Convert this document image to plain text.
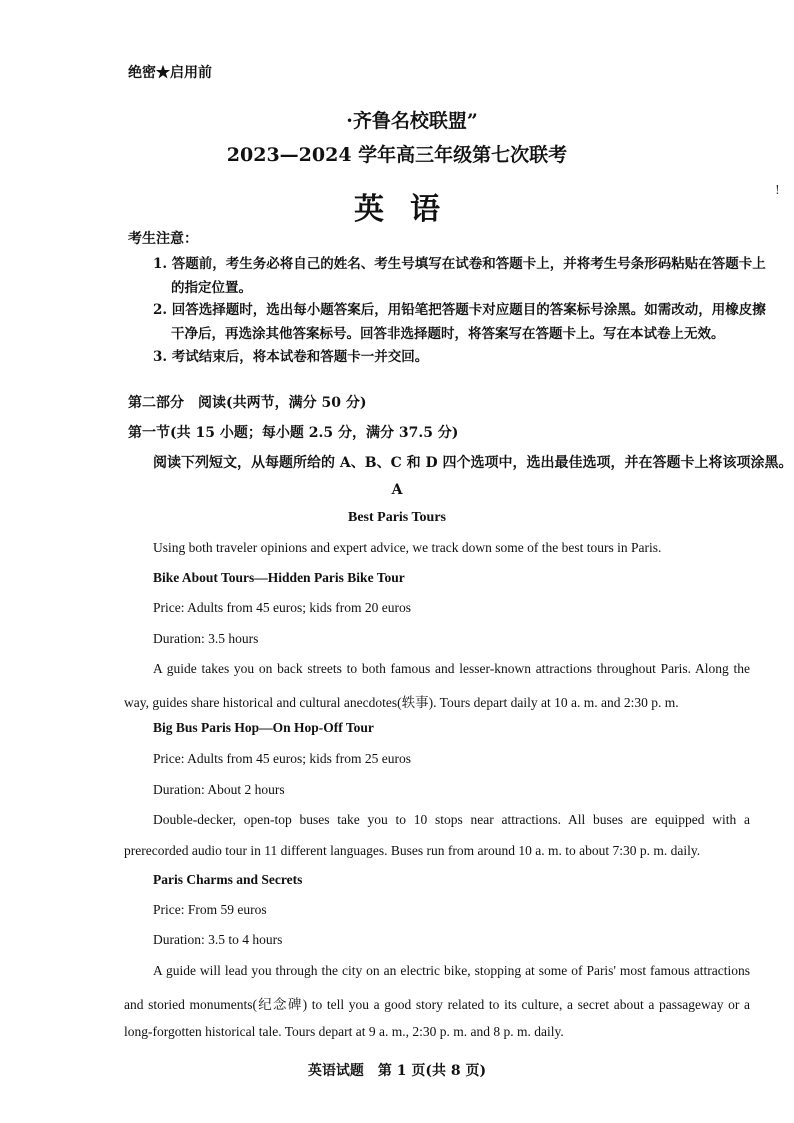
绝密★启用前
!
·齐鲁名校联盟”
2023—2024 学年高三年级第七次联考
英语
考生注意：
1. 答题前，考生务必将自己的姓名、考生号填写在试卷和答题卡上，并将考生号条形码粘贴在答题卡上
的指定位置。
2. 回答选择题时，选出每小题答案后，用铅笔把答题卡对应题目的答案标号涂黑。如需改动，用橡皮擦
干净后，再选涂其他答案标号。回答非选择题时，将答案写在答题卡上。写在本试卷上无效。
3. 考试结束后，将本试卷和答题卡一并交回。
第二部分　阅读(共两节，满分 50 分)
第一节(共 15 小题；每小题 2.5 分，满分 37.5 分)
阅读下列短文，从每题所给的 A、B、C 和 D 四个选项中，选出最佳选项，并在答题卡上将该项涂黑。
A
Best Paris Tours
Using both traveler opinions and expert advice, we track down some of the best tours in Paris.
Bike About Tours—Hidden Paris Bike Tour
Price: Adults from 45 euros; kids from 20 euros
Duration: 3.5 hours
A guide takes you on back streets to both famous and lesser-known attractions throughout Paris. Along the
way, guides share historical and cultural anecdotes(轶事). Tours depart daily at 10 a. m. and 2:30 p. m.
Big Bus Paris Hop—On Hop-Off Tour
Price: Adults from 45 euros; kids from 25 euros
Duration: About 2 hours
Double-decker, open-top buses take you to 10 stops near attractions. All buses are equipped with a
prerecorded audio tour in 11 different languages. Buses run from around 10 a. m. to about 7:30 p. m. daily.
Paris Charms and Secrets
Price: From 59 euros
Duration: 3.5 to 4 hours
A guide will lead you through the city on an electric bike, stopping at some of Paris' most famous attractions
and storied monuments(纪念碑) to tell you a good story related to its culture, a secret about a passageway or a
long-forgotten historical tale. Tours depart at 9 a. m., 2:30 p. m. and 8 p. m. daily.
英语试题　第 1 页(共 8 页)
